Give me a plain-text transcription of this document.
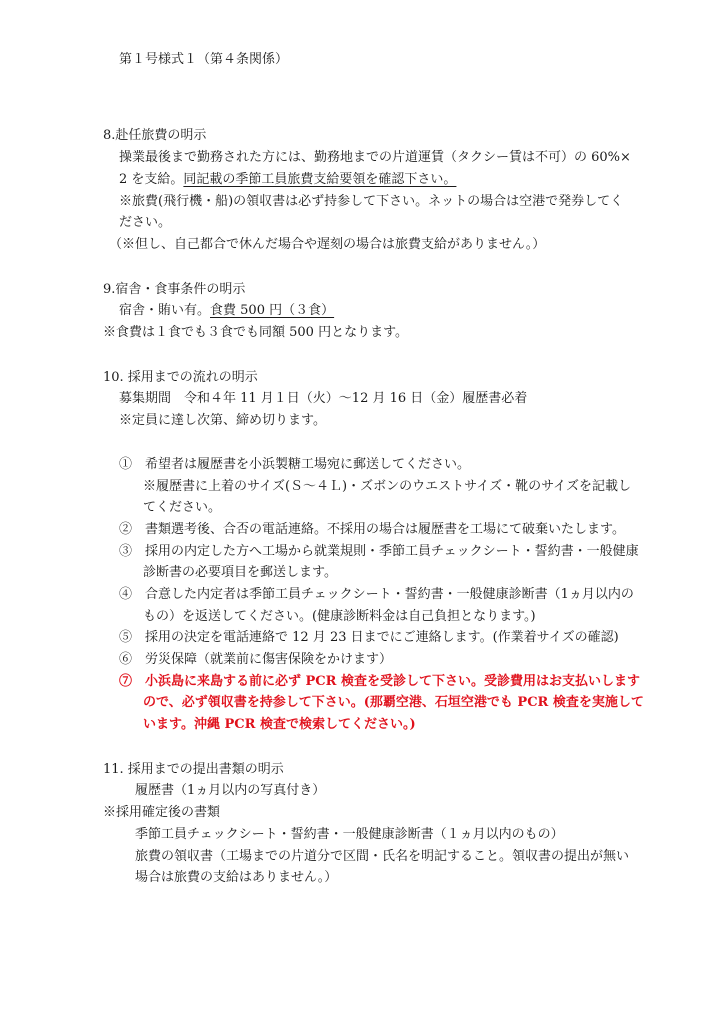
第１号様式１（第４条関係）
8.赴任旅費の明示
操業最後まで勤務された方には、勤務地までの片道運賃（タクシー賃は不可）の 60%×
2 を支給。同記載の季節工員旅費支給要領を確認下さい。
※旅費(飛行機・船)の領収書は必ず持参して下さい。ネットの場合は空港で発券してく
ださい。
（※但し、自己都合で休んだ場合や遅刻の場合は旅費支給がありません。）
9.宿舎・食事条件の明示
宿舎・賄い有。食費 500 円（３食）
※食費は１食でも３食でも同額 500 円となります。
10. 採用までの流れの明示
募集期間　令和４年 11 月１日（火）～12 月 16 日（金）履歴書必着
※定員に達し次第、締め切ります。
①　希望者は履歴書を小浜製糖工場宛に郵送してください。
※履歴書に上着のサイズ(Ｓ～４Ｌ)・ズボンのウエストサイズ・靴のサイズを記載し
てください。
②　書類選考後、合否の電話連絡。不採用の場合は履歴書を工場にて破棄いたします。
③　採用の内定した方へ工場から就業規則・季節工員チェックシート・誓約書・一般健康
診断書の必要項目を郵送します。
④　合意した内定者は季節工員チェックシート・誓約書・一般健康診断書（1ヵ月以内の
もの）を返送してください。(健康診断料金は自己負担となります。)
⑤　採用の決定を電話連絡で 12 月 23 日までにご連絡します。(作業着サイズの確認)
⑥　労災保障（就業前に傷害保険をかけます）
⑦　小浜島に来島する前に必ず PCR 検査を受診して下さい。受診費用はお支払いします
ので、必ず領収書を持参して下さい。(那覇空港、石垣空港でも PCR 検査を実施して
います。沖縄 PCR 検査で検索してください。)
11. 採用までの提出書類の明示
履歴書（1ヵ月以内の写真付き）
※採用確定後の書類
季節工員チェックシート・誓約書・一般健康診断書（１ヵ月以内のもの）
旅費の領収書（工場までの片道分で区間・氏名を明記すること。領収書の提出が無い
場合は旅費の支給はありません。）
